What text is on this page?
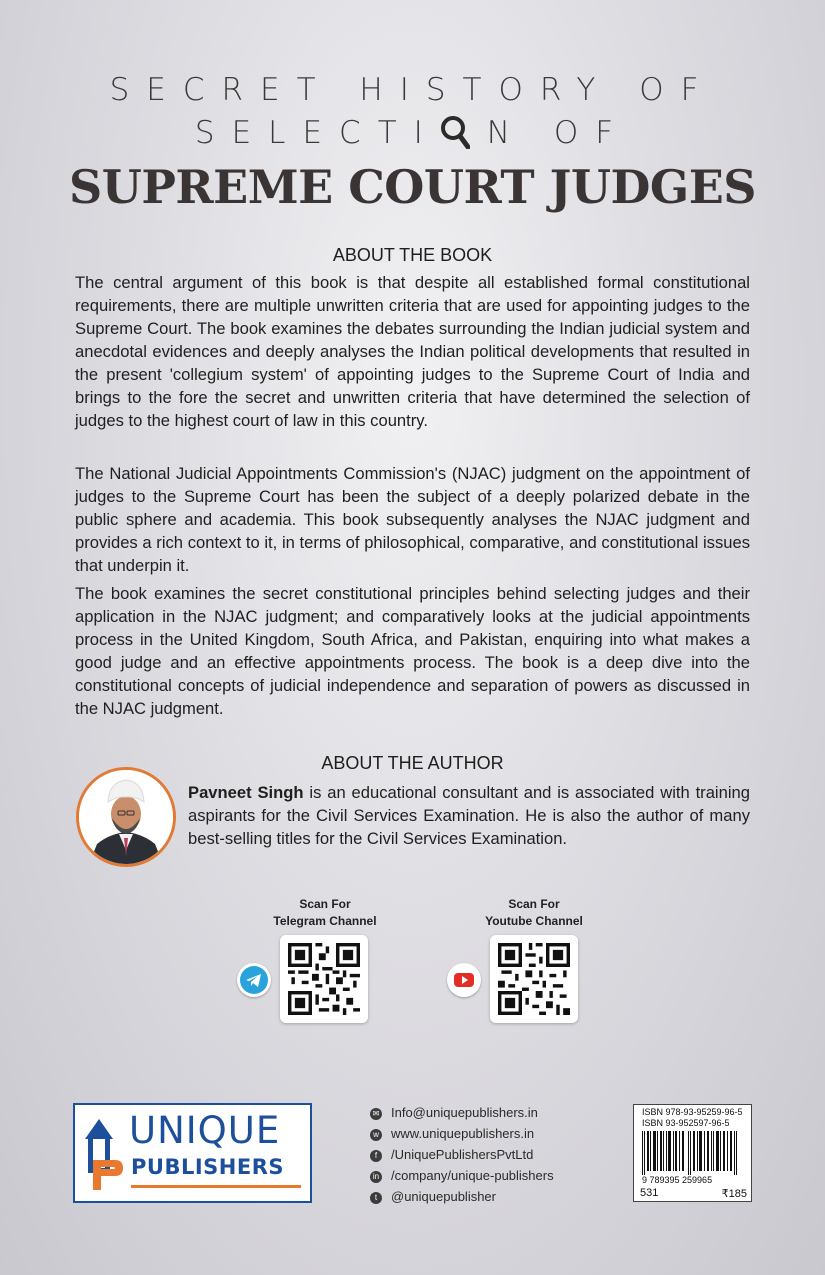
SECRET HISTORY OF
SELECTI N OF
SUPREME COURT JUDGES
ABOUT THE BOOK

The central argument of this book is that despite all established formal constitutional requirements, there are multiple unwritten criteria that are used for appointing judges to the Supreme Court. The book examines the debates surrounding the Indian judicial system and anecdotal evidences and deeply analyses the Indian political developments that resulted in the present 'collegium system' of appointing judges to the Supreme Court of India and brings to the fore the secret and unwritten criteria that have determined the selection of judges to the highest court of law in this country.

The National Judicial Appointments Commission's (NJAC) judgment on the appointment of judges to the Supreme Court has been the subject of a deeply polarized debate in the public sphere and academia. This book subsequently analyses the NJAC judgment and provides a rich context to it, in terms of philosophical, comparative, and constitutional issues that underpin it.

The book examines the secret constitutional principles behind selecting judges and their application in the NJAC judgment; and comparatively looks at the judicial appointments process in the United Kingdom, South Africa, and Pakistan, enquiring into what makes a good judge and an effective appointments process. The book is a deep dive into the constitutional concepts of judicial independence and separation of powers as discussed in the NJAC judgment.

ABOUT THE AUTHOR

Pavneet Singh is an educational consultant and is associated with training aspirants for the Civil Services Examination. He is also the author of many best-selling titles for the Civil Services Examination.

Scan For
Telegram Channel
Scan For
Youtube Channel
UNIQUE
PUBLISHERS
✉ Info@uniquepublishers.in
w www.uniquepublishers.in
f	/UniquePublishersPvtLtd
in /company/unique-publishers
t	@uniquepublisher
ISBN 978-93-95259-96-5
ISBN 93-952597-96-5
9 789395 259965
531	₹185
